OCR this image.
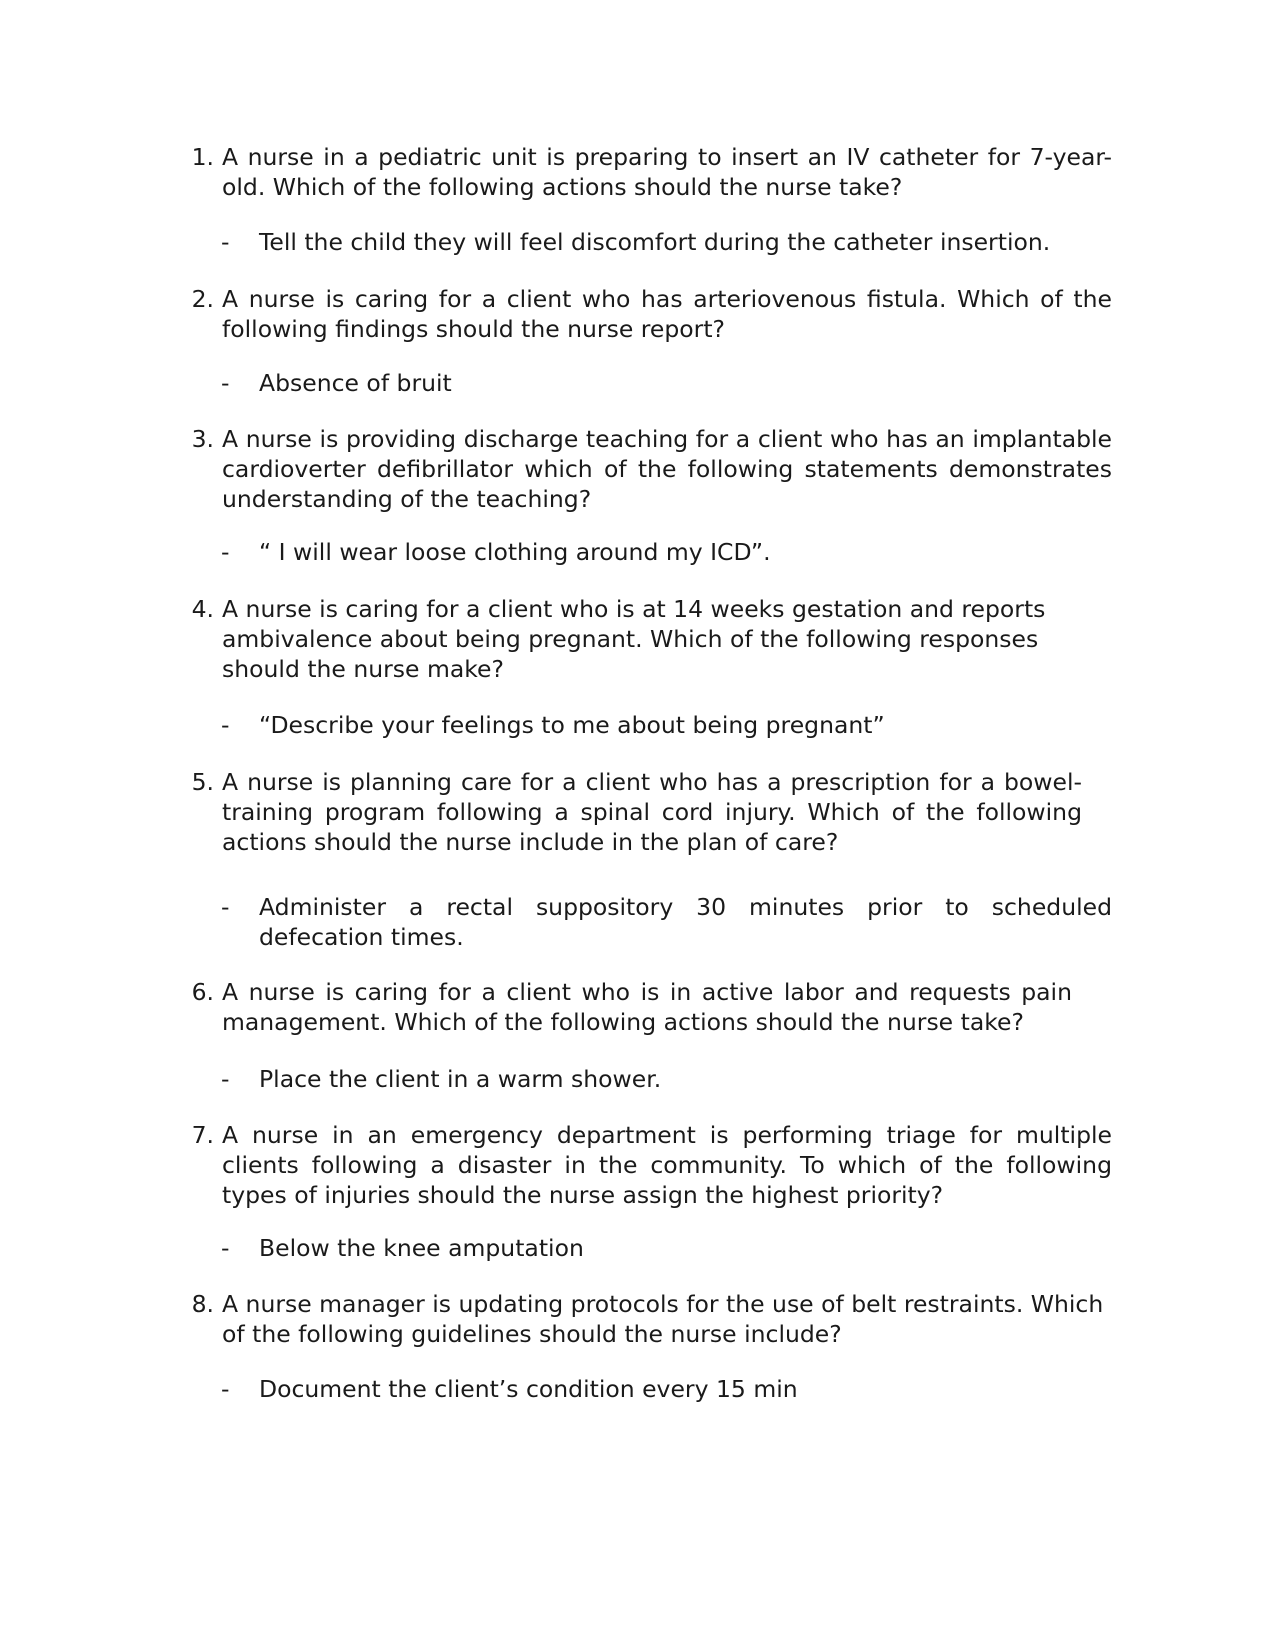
1. A nurse in a pediatric unit is preparing to insert an IV catheter for 7-year-old. Which of the following actions should the nurse take?
- Tell the child they will feel discomfort during the catheter insertion.
2. A nurse is caring for a client who has arteriovenous fistula. Which of the following findings should the nurse report?
- Absence of bruit
3. A nurse is providing discharge teaching for a client who has an implantable cardioverter defibrillator which of the following statements demonstrates understanding of the teaching?
- “ I will wear loose clothing around my ICD”.
4. A nurse is caring for a client who is at 14 weeks gestation and reports ambivalence about being pregnant. Which of the following responses should the nurse make?
- “Describe your feelings to me about being pregnant”
5. A nurse is planning care for a client who has a prescription for a bowel-training program following a spinal cord injury. Which of the following actions should the nurse include in the plan of care?
- Administer a rectal suppository 30 minutes prior to scheduled defecation times.
6. A nurse is caring for a client who is in active labor and requests pain management. Which of the following actions should the nurse take?
- Place the client in a warm shower.
7. A nurse in an emergency department is performing triage for multiple clients following a disaster in the community. To which of the following types of injuries should the nurse assign the highest priority?
- Below the knee amputation
8. A nurse manager is updating protocols for the use of belt restraints. Which of the following guidelines should the nurse include?
- Document the client’s condition every 15 min
